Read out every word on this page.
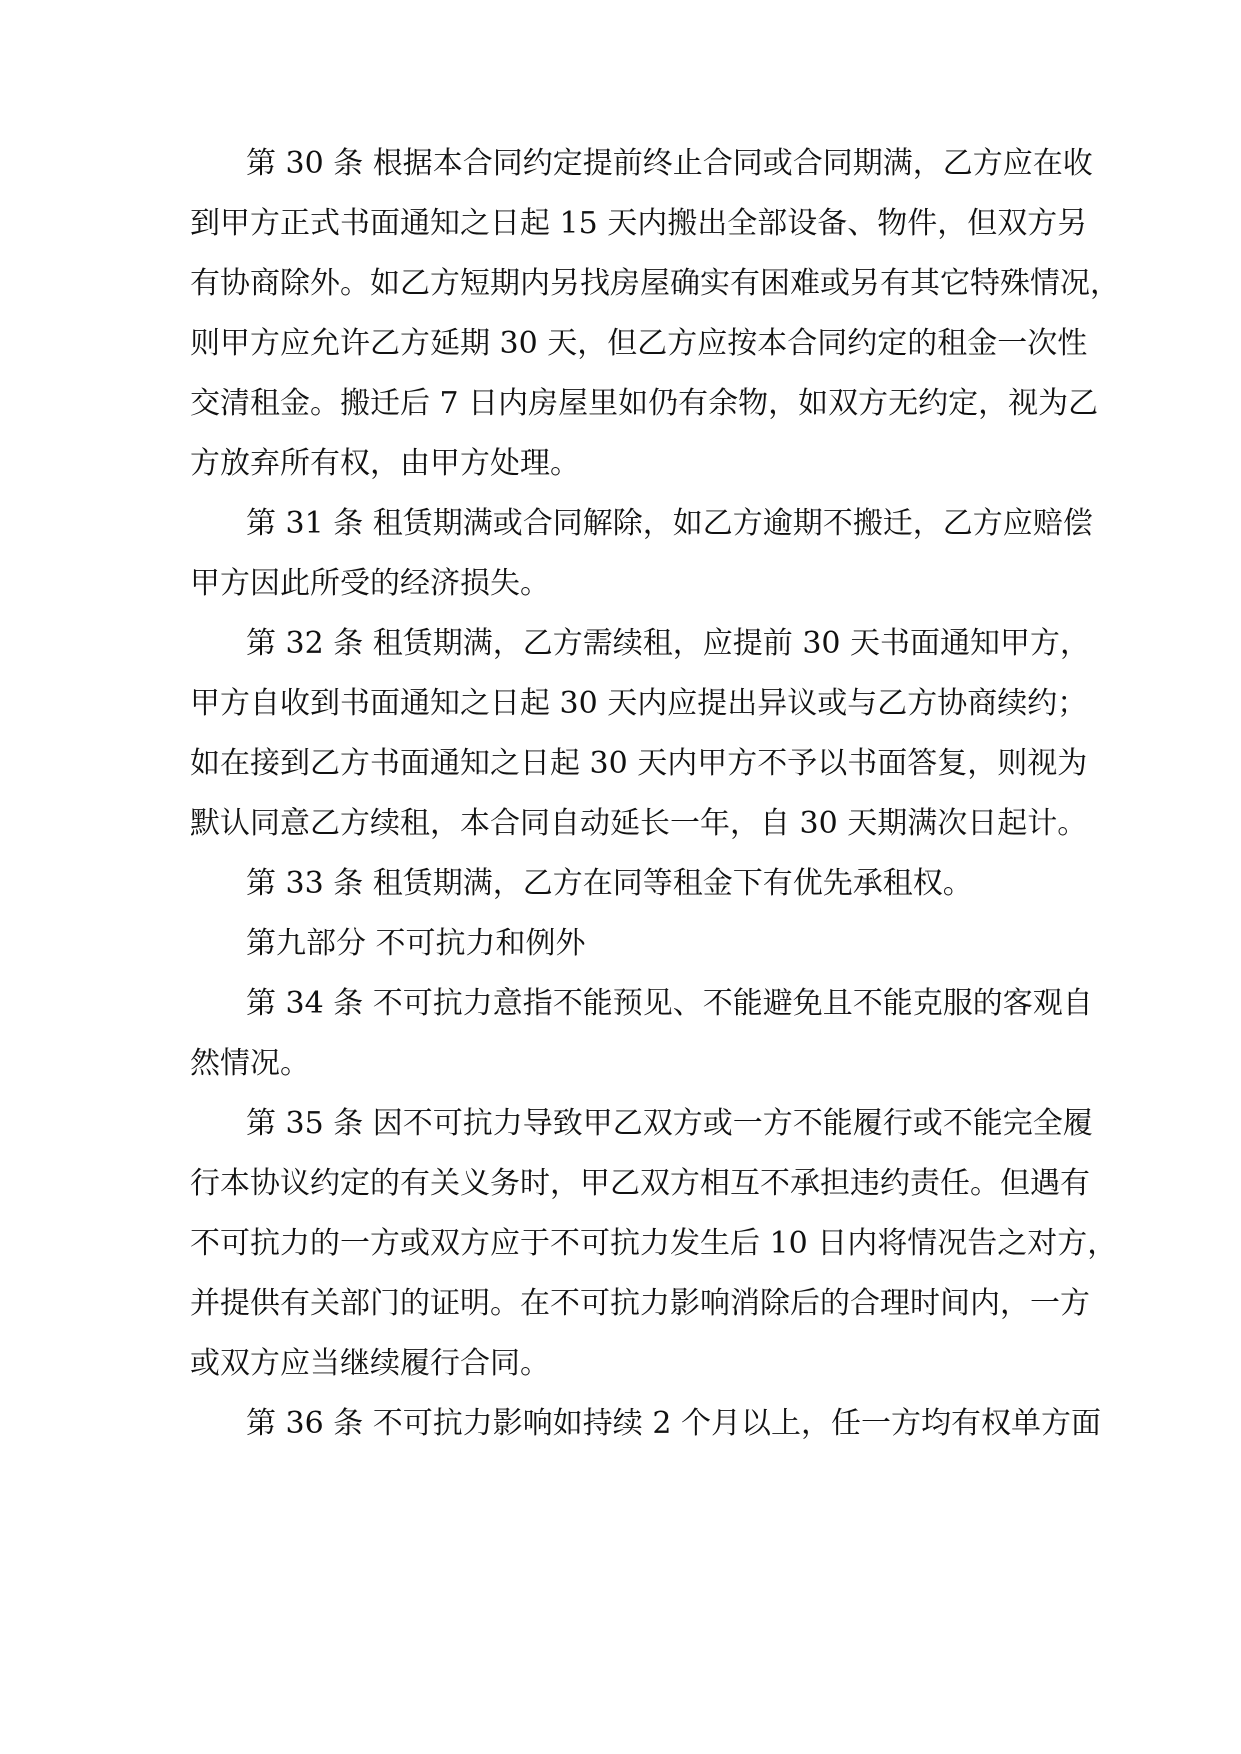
第 30 条 根据本合同约定提前终止合同或合同期满，乙方应在收
到甲方正式书面通知之日起 15 天内搬出全部设备、物件，但双方另
有协商除外。如乙方短期内另找房屋确实有困难或另有其它特殊情况，
则甲方应允许乙方延期 30 天，但乙方应按本合同约定的租金一次性
交清租金。搬迁后 7 日内房屋里如仍有余物，如双方无约定，视为乙
方放弃所有权，由甲方处理。
第 31 条 租赁期满或合同解除，如乙方逾期不搬迁，乙方应赔偿
甲方因此所受的经济损失。
第 32 条 租赁期满，乙方需续租，应提前 30 天书面通知甲方，
甲方自收到书面通知之日起 30 天内应提出异议或与乙方协商续约；
如在接到乙方书面通知之日起 30 天内甲方不予以书面答复，则视为
默认同意乙方续租，本合同自动延长一年，自 30 天期满次日起计。
第 33 条 租赁期满，乙方在同等租金下有优先承租权。
第九部分 不可抗力和例外
第 34 条 不可抗力意指不能预见、不能避免且不能克服的客观自
然情况。
第 35 条 因不可抗力导致甲乙双方或一方不能履行或不能完全履
行本协议约定的有关义务时，甲乙双方相互不承担违约责任。但遇有
不可抗力的一方或双方应于不可抗力发生后 10 日内将情况告之对方，
并提供有关部门的证明。在不可抗力影响消除后的合理时间内，一方
或双方应当继续履行合同。
第 36 条 不可抗力影响如持续 2 个月以上，任一方均有权单方面
